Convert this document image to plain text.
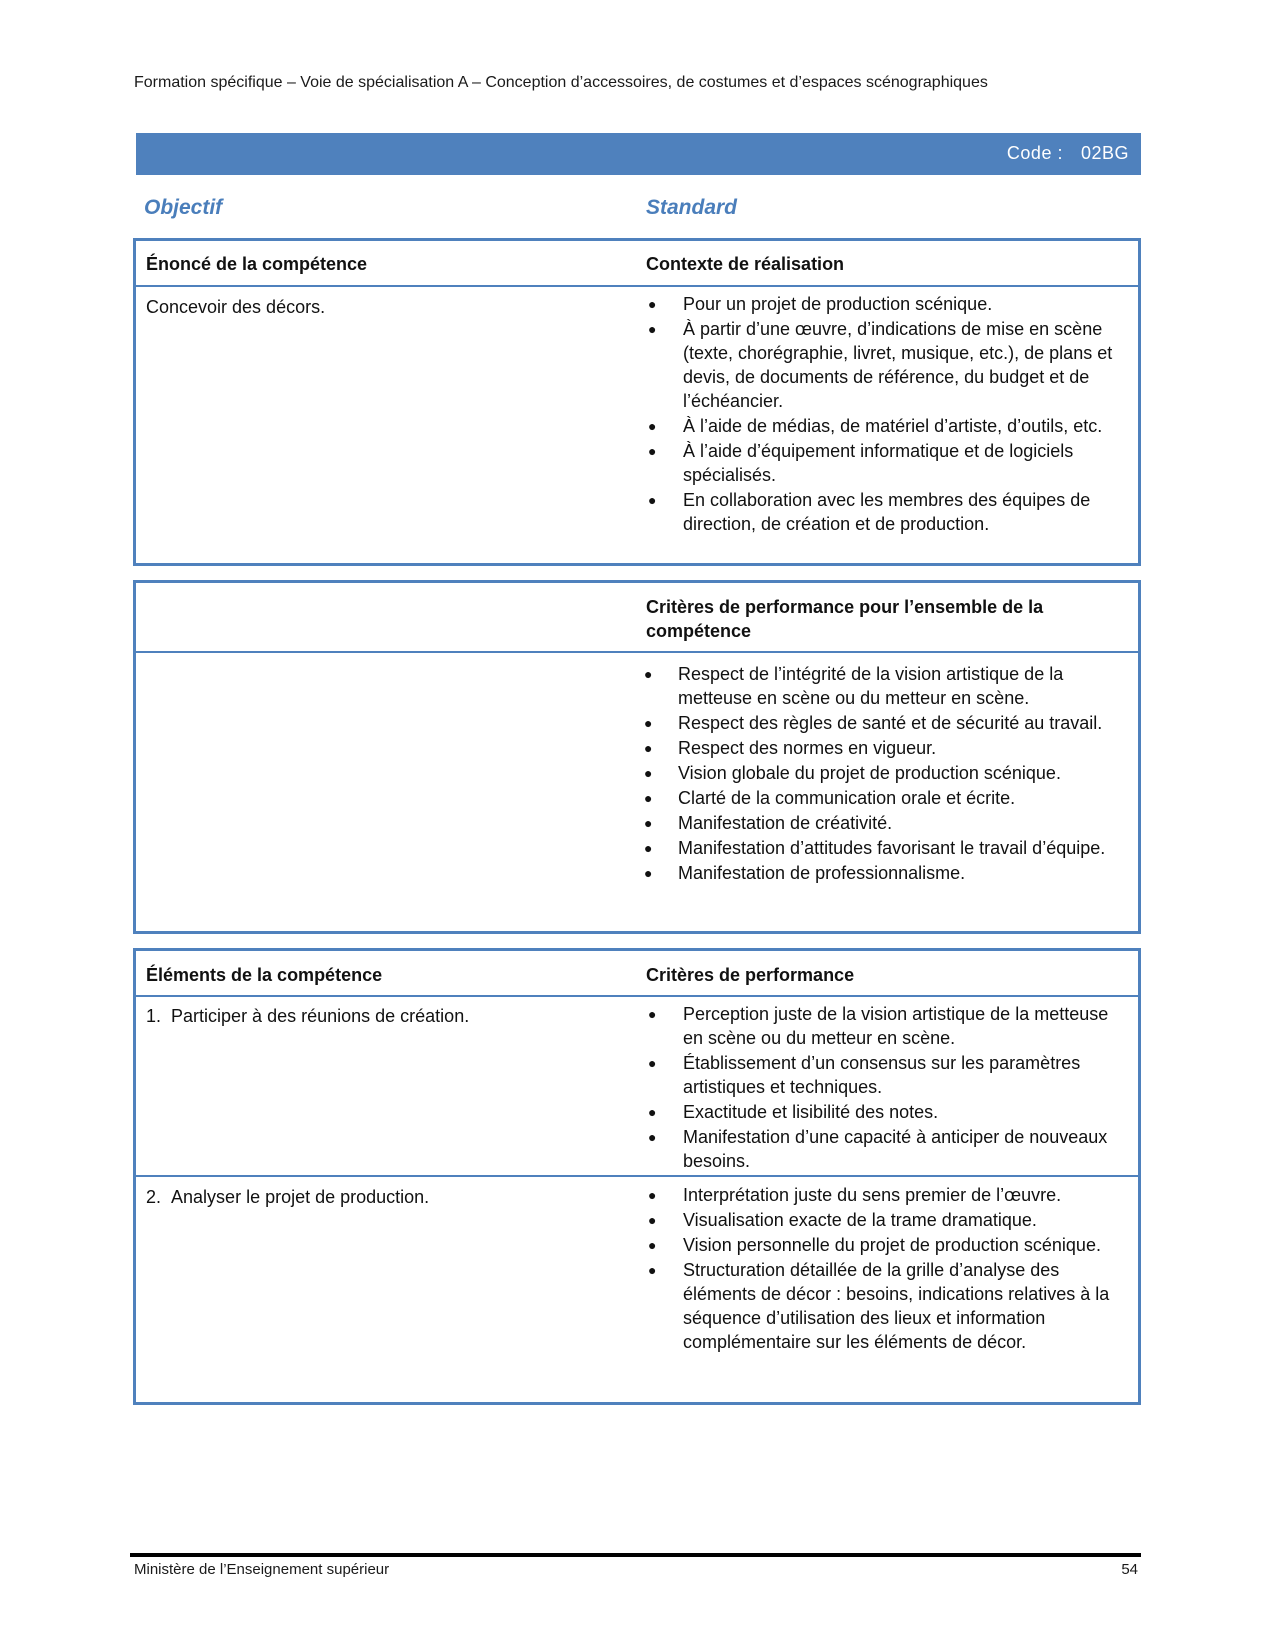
Formation spécifique – Voie de spécialisation A – Conception d’accessoires, de costumes et d’espaces scénographiques
Code : 02BG
Objectif	Standard
Énoncé de la compétence	Contexte de réalisation
Concevoir des décors.	● Pour un projet de production scénique.
● À partir d’une œuvre, d’indications de mise en scène (texte, chorégraphie, livret, musique, etc.), de plans et devis, de documents de référence, du budget et de l’échéancier.
● À l’aide de médias, de matériel d’artiste, d’outils, etc.
● À l’aide d’équipement informatique et de logiciels spécialisés.
● En collaboration avec les membres des équipes de direction, de création et de production.
Critères de performance pour l’ensemble de la compétence
● Respect de l’intégrité de la vision artistique de la metteuse en scène ou du metteur en scène.
● Respect des règles de santé et de sécurité au travail.
● Respect des normes en vigueur.
● Vision globale du projet de production scénique.
● Clarté de la communication orale et écrite.
● Manifestation de créativité.
● Manifestation d’attitudes favorisant le travail d’équipe.
● Manifestation de professionnalisme.
Éléments de la compétence	Critères de performance
1. Participer à des réunions de création.	● Perception juste de la vision artistique de la metteuse en scène ou du metteur en scène.
● Établissement d’un consensus sur les paramètres artistiques et techniques.
● Exactitude et lisibilité des notes.
● Manifestation d’une capacité à anticiper de nouveaux besoins.
2. Analyser le projet de production.	● Interprétation juste du sens premier de l’œuvre.
● Visualisation exacte de la trame dramatique.
● Vision personnelle du projet de production scénique.
● Structuration détaillée de la grille d’analyse des éléments de décor : besoins, indications relatives à la séquence d’utilisation des lieux et information complémentaire sur les éléments de décor.
Ministère de l’Enseignement supérieur	54
